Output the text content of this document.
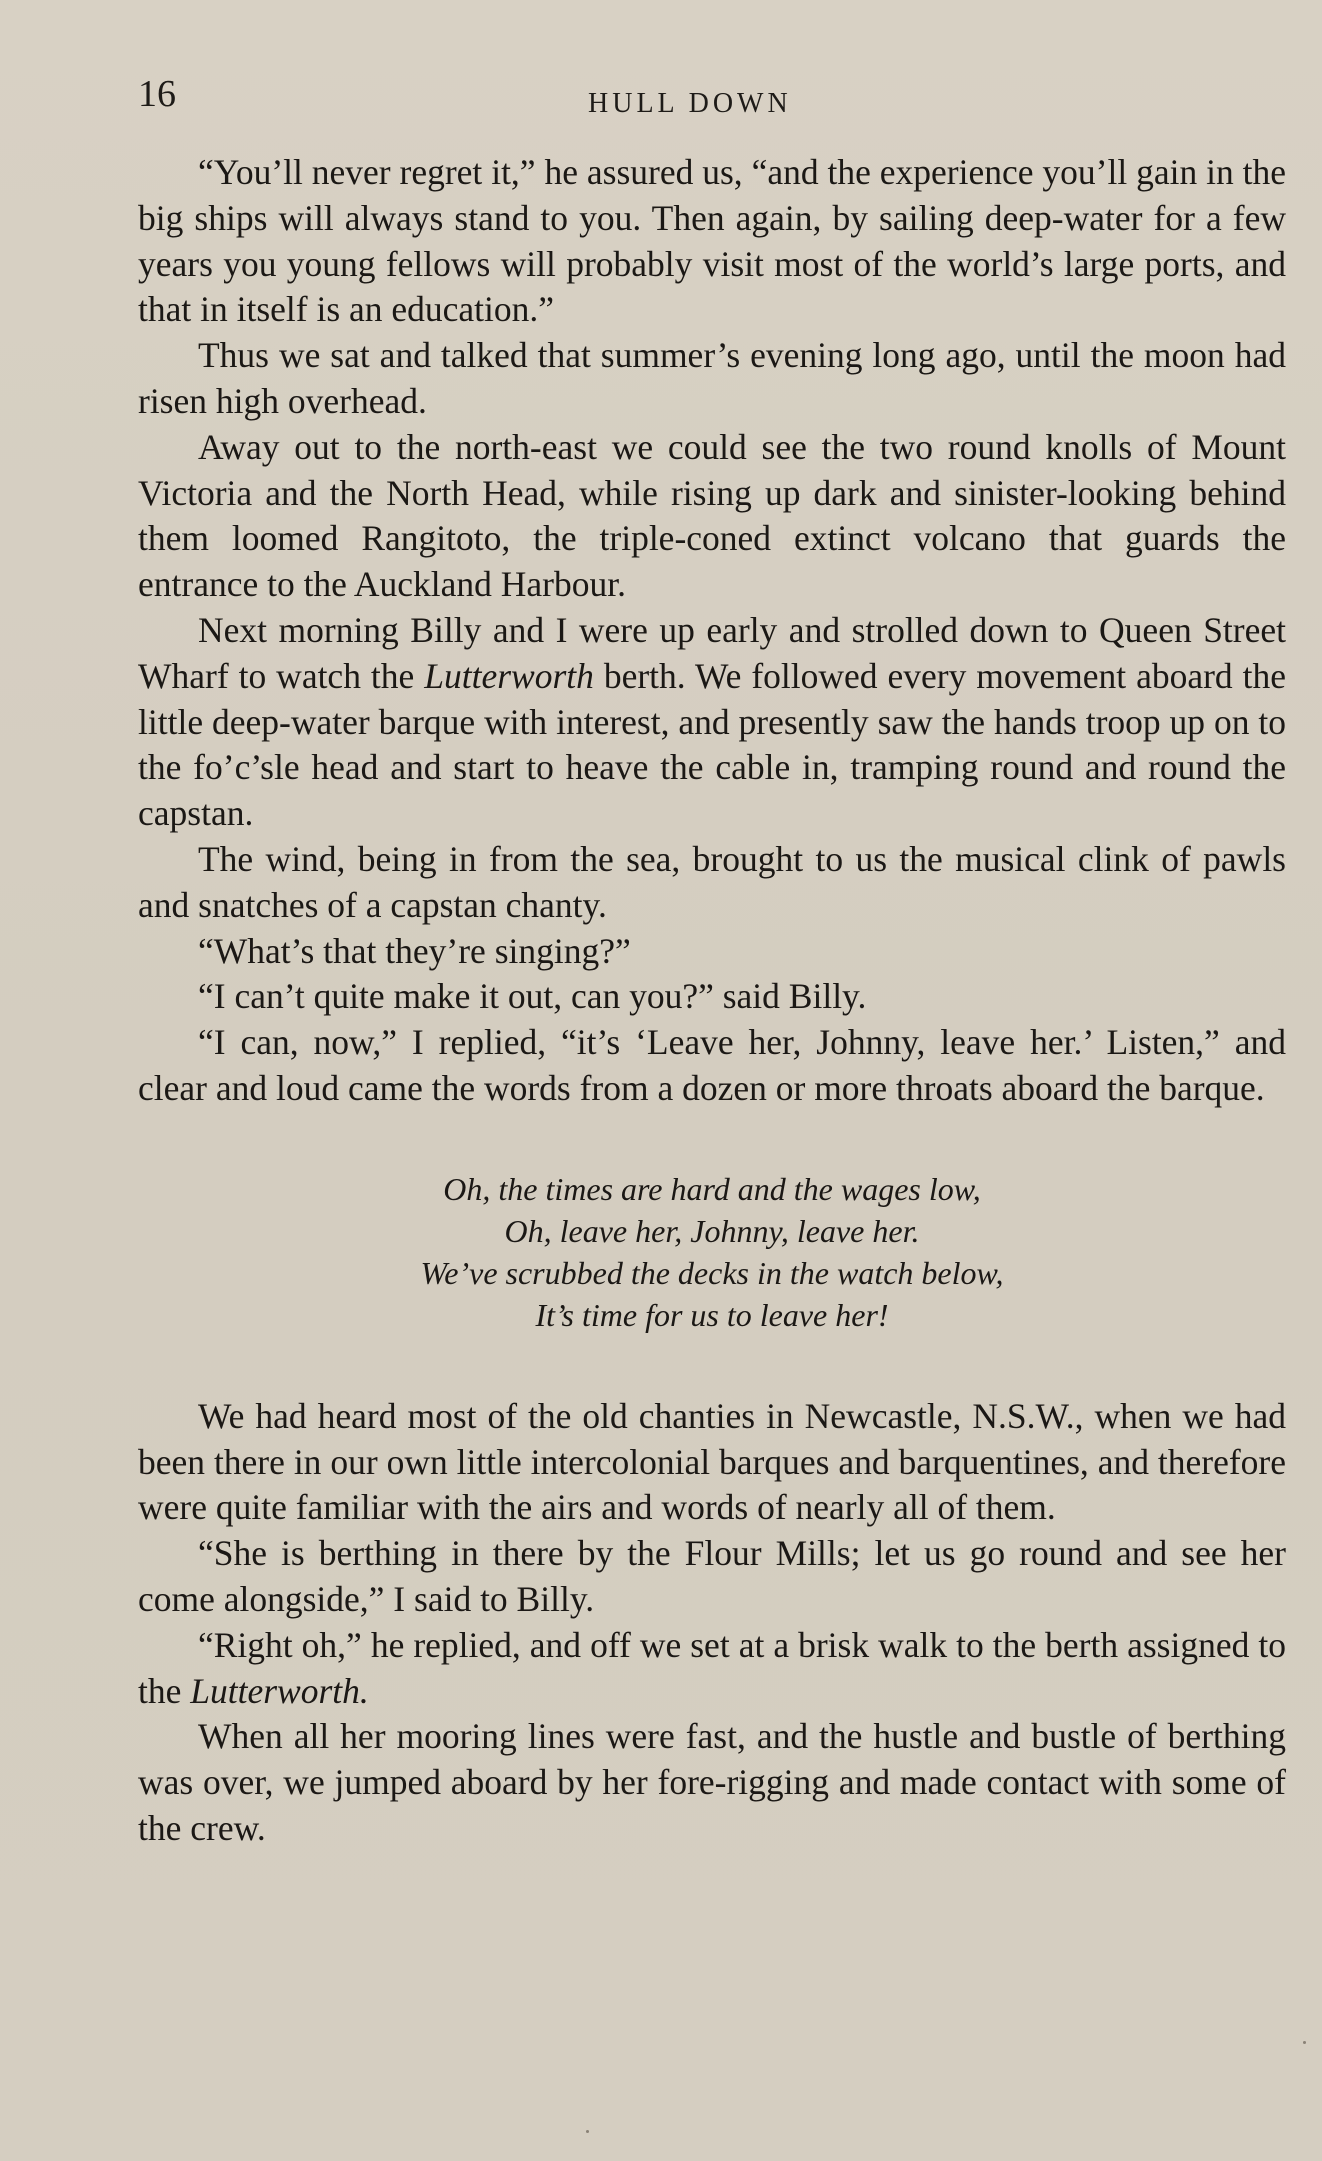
16	HULL DOWN

“You’ll never regret it,” he assured us, “and the experience you’ll gain in the big ships will always stand to you. Then again, by sailing deep-water for a few years you young fellows will probably visit most of the world’s large ports, and that in itself is an education.”

Thus we sat and talked that summer’s evening long ago, until the moon had risen high overhead.

Away out to the north-east we could see the two round knolls of Mount Victoria and the North Head, while rising up dark and sinister-looking behind them loomed Rangitoto, the triple-coned extinct volcano that guards the entrance to the Auckland Harbour.

Next morning Billy and I were up early and strolled down to Queen Street Wharf to watch the Lutterworth berth. We followed every movement aboard the little deep-water barque with interest, and presently saw the hands troop up on to the fo’c’sle head and start to heave the cable in, tramping round and round the capstan.

The wind, being in from the sea, brought to us the musical clink of pawls and snatches of a capstan chanty.

“What’s that they’re singing?”

“I can’t quite make it out, can you?” said Billy.

“I can, now,” I replied, “it’s ‘Leave her, Johnny, leave her.’ Listen,” and clear and loud came the words from a dozen or more throats aboard the barque.

Oh, the times are hard and the wages low,
Oh, leave her, Johnny, leave her.
We’ve scrubbed the decks in the watch below,
It’s time for us to leave her!

We had heard most of the old chanties in Newcastle, N.S.W., when we had been there in our own little intercolonial barques and barquentines, and therefore were quite familiar with the airs and words of nearly all of them.

“She is berthing in there by the Flour Mills; let us go round and see her come alongside,” I said to Billy.

“Right oh,” he replied, and off we set at a brisk walk to the berth assigned to the Lutterworth.

When all her mooring lines were fast, and the hustle and bustle of berthing was over, we jumped aboard by her fore-rigging and made contact with some of the crew.
